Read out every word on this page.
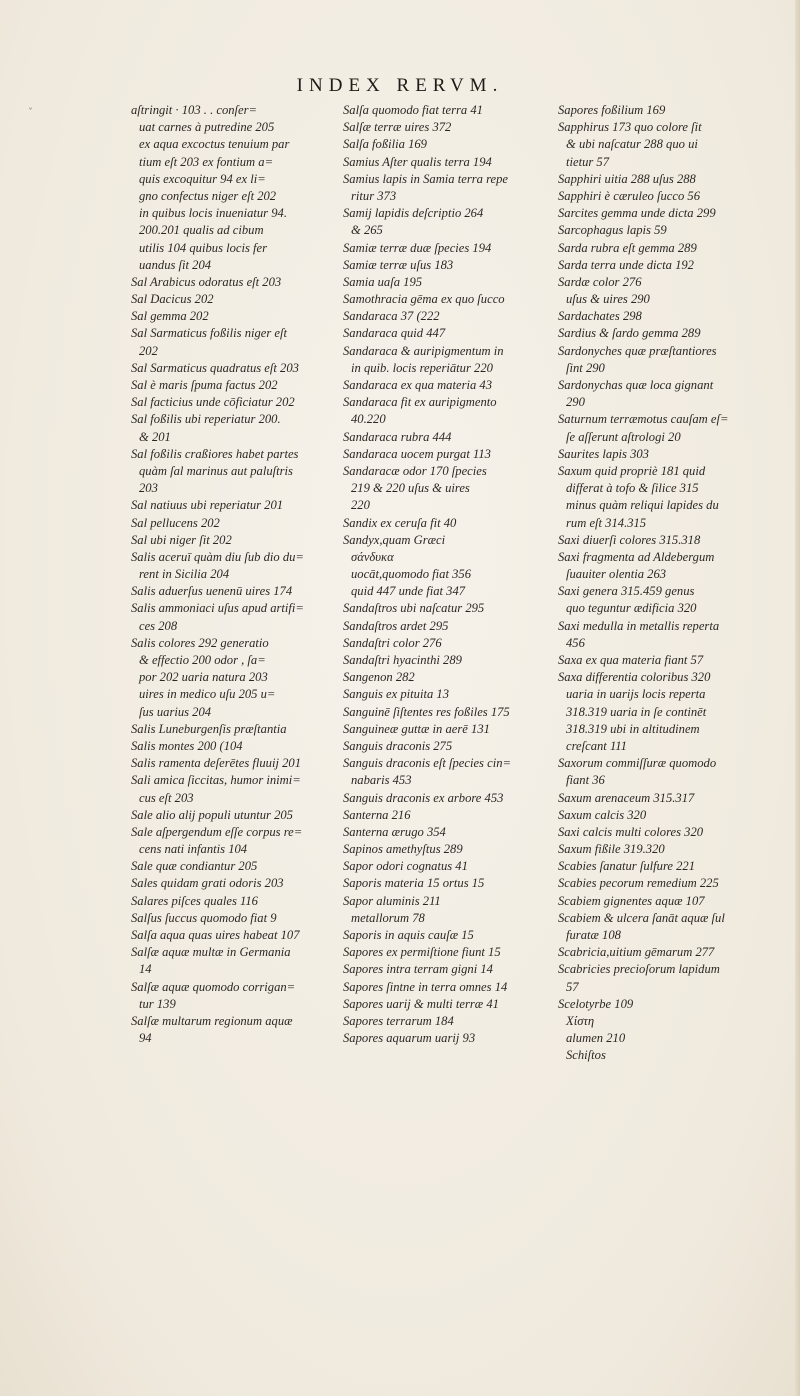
ˇ
INDEX RERVM.
aſtringit · 103 . . conſer=
uat carnes à putredine 205
ex aqua excoctus tenuium par
tium eſt 203 ex fontium a=
quis excoquitur 94 ex li=
gno confectus niger eſt 202
in quibus locis inueniatur 94.
200.201 qualis ad cibum
utilis 104 quibus locis fer
uandus ſit 204
Sal Arabicus odoratus eſt 203
Sal Dacicus 202
Sal gemma 202
Sal Sarmaticus foßilis niger eſt
202
Sal Sarmaticus quadratus eſt 203
Sal è maris ſpuma factus 202
Sal facticius unde cōficiatur 202
Sal foßilis ubi reperiatur 200.
& 201
Sal foßilis craßiores habet partes
quàm ſal marinus aut paluſtris
203
Sal natiuus ubi reperiatur 201
Sal pellucens 202
Sal ubi niger ſit 202
Salis aceruī quàm diu ſub dio du=
rent in Sicilia 204
Salis aduerſus uenenū uires 174
Salis ammoniaci uſus apud artifi=
ces 208
Salis colores 292 generatio
& effectio 200 odor , ſa=
por 202 uaria natura 203
uires in medico uſu 205 u=
ſus uarius 204
Salis Luneburgenſis præſtantia
Salis montes 200 (104
Salis ramenta deſerētes fluuij 201
Sali amica ſiccitas, humor inimi=
cus eſt 203
Sale alio alij populi utuntur 205
Sale aſpergendum eſſe corpus re=
cens nati infantis 104
Sale quæ condiantur 205
Sales quidam grati odoris 203
Salares piſces quales 116
Salſus ſuccus quomodo fiat 9
Salſa aqua quas uires habeat 107
Salſæ aquæ multæ in Germania
14
Salſæ aquæ quomodo corrigan=
tur 139
Salſæ multarum regionum aquæ
94
Salſa quomodo fiat terra 41
Salſæ terræ uires 372
Salſa foßilia 169
Samius Aſter qualis terra 194
Samius lapis in Samia terra repe
ritur 373
Samij lapidis deſcriptio 264
& 265
Samiæ terræ duæ ſpecies 194
Samiæ terræ uſus 183
Samia uaſa 195
Samothracia gēma ex quo ſucco
Sandaraca 37 (222
Sandaraca quid 447
Sandaraca & auripigmentum in
in quib. locis reperiātur 220
Sandaraca ex qua materia 43
Sandaraca fit ex auripigmento
40.220
Sandaraca rubra 444
Sandaraca uocem purgat 113
Sandaracæ odor 170 ſpecies
219 & 220 uſus & uires
220
Sandix ex ceruſa fit 40
Sandyx,quam Græci
σάνδυκα
uocāt,quomodo fiat 356
quid 447 unde fiat 347
Sandaſtros ubi naſcatur 295
Sandaſtros ardet 295
Sandaſtri color 276
Sandaſtri hyacinthi 289
Sangenon 282
Sanguis ex pituita 13
Sanguinē ſiſtentes res foßiles 175
Sanguineæ guttæ in aerē 131
Sanguis draconis 275
Sanguis draconis eſt ſpecies cin=
nabaris 453
Sanguis draconis ex arbore 453
Santerna 216
Santerna ærugo 354
Sapinos amethyſtus 289
Sapor odori cognatus 41
Saporis materia 15 ortus 15
Sapor aluminis 211
metallorum 78
Saporis in aquis cauſæ 15
Sapores ex permiſtione fiunt 15
Sapores intra terram gigni 14
Sapores ſintne in terra omnes 14
Sapores uarij & multi terræ 41
Sapores terrarum 184
Sapores aquarum uarij 93
Sapores foßilium 169
Sapphirus 173 quo colore ſit
& ubi naſcatur 288 quo ui
tietur 57
Sapphiri uitia 288 uſus 288
Sapphiri è cæruleo ſucco 56
Sarcites gemma unde dicta 299
Sarcophagus lapis 59
Sarda rubra eſt gemma 289
Sarda terra unde dicta 192
Sardæ color 276
uſus & uires 290
Sardachates 298
Sardius & ſardo gemma 289
Sardonyches quæ præſtantiores
ſint 290
Sardonychas quæ loca gignant
290
Saturnum terræmotus cauſam eſ=
ſe aſſerunt aſtrologi 20
Saurites lapis 303
Saxum quid propriè 181 quid
differat à tofo & ſilice 315
minus quàm reliqui lapides du
rum eſt 314.315
Saxi diuerſi colores 315.318
Saxi fragmenta ad Aldebergum
ſuauiter olentia 263
Saxi genera 315.459 genus
quo teguntur ædificia 320
Saxi medulla in metallis reperta
456
Saxa ex qua materia fiant 57
Saxa differentia coloribus 320
uaria in uarijs locis reperta
318.319 uaria in ſe continēt
318.319 ubi in altitudinem
creſcant 111
Saxorum commiſſuræ quomodo
fiant 36
Saxum arenaceum 315.317
Saxum calcis 320
Saxi calcis multi colores 320
Saxum fißile 319.320
Scabies ſanatur ſulfure 221
Scabies pecorum remedium 225
Scabiem gignentes aquæ 107
Scabiem & ulcera ſanāt aquæ ſul
furatæ 108
Scabricia,uitium gēmarum 277
Scabricies precioſorum lapidum
57
Scelotyrbe 109
Χίστη
alumen 210
Schiſtos
